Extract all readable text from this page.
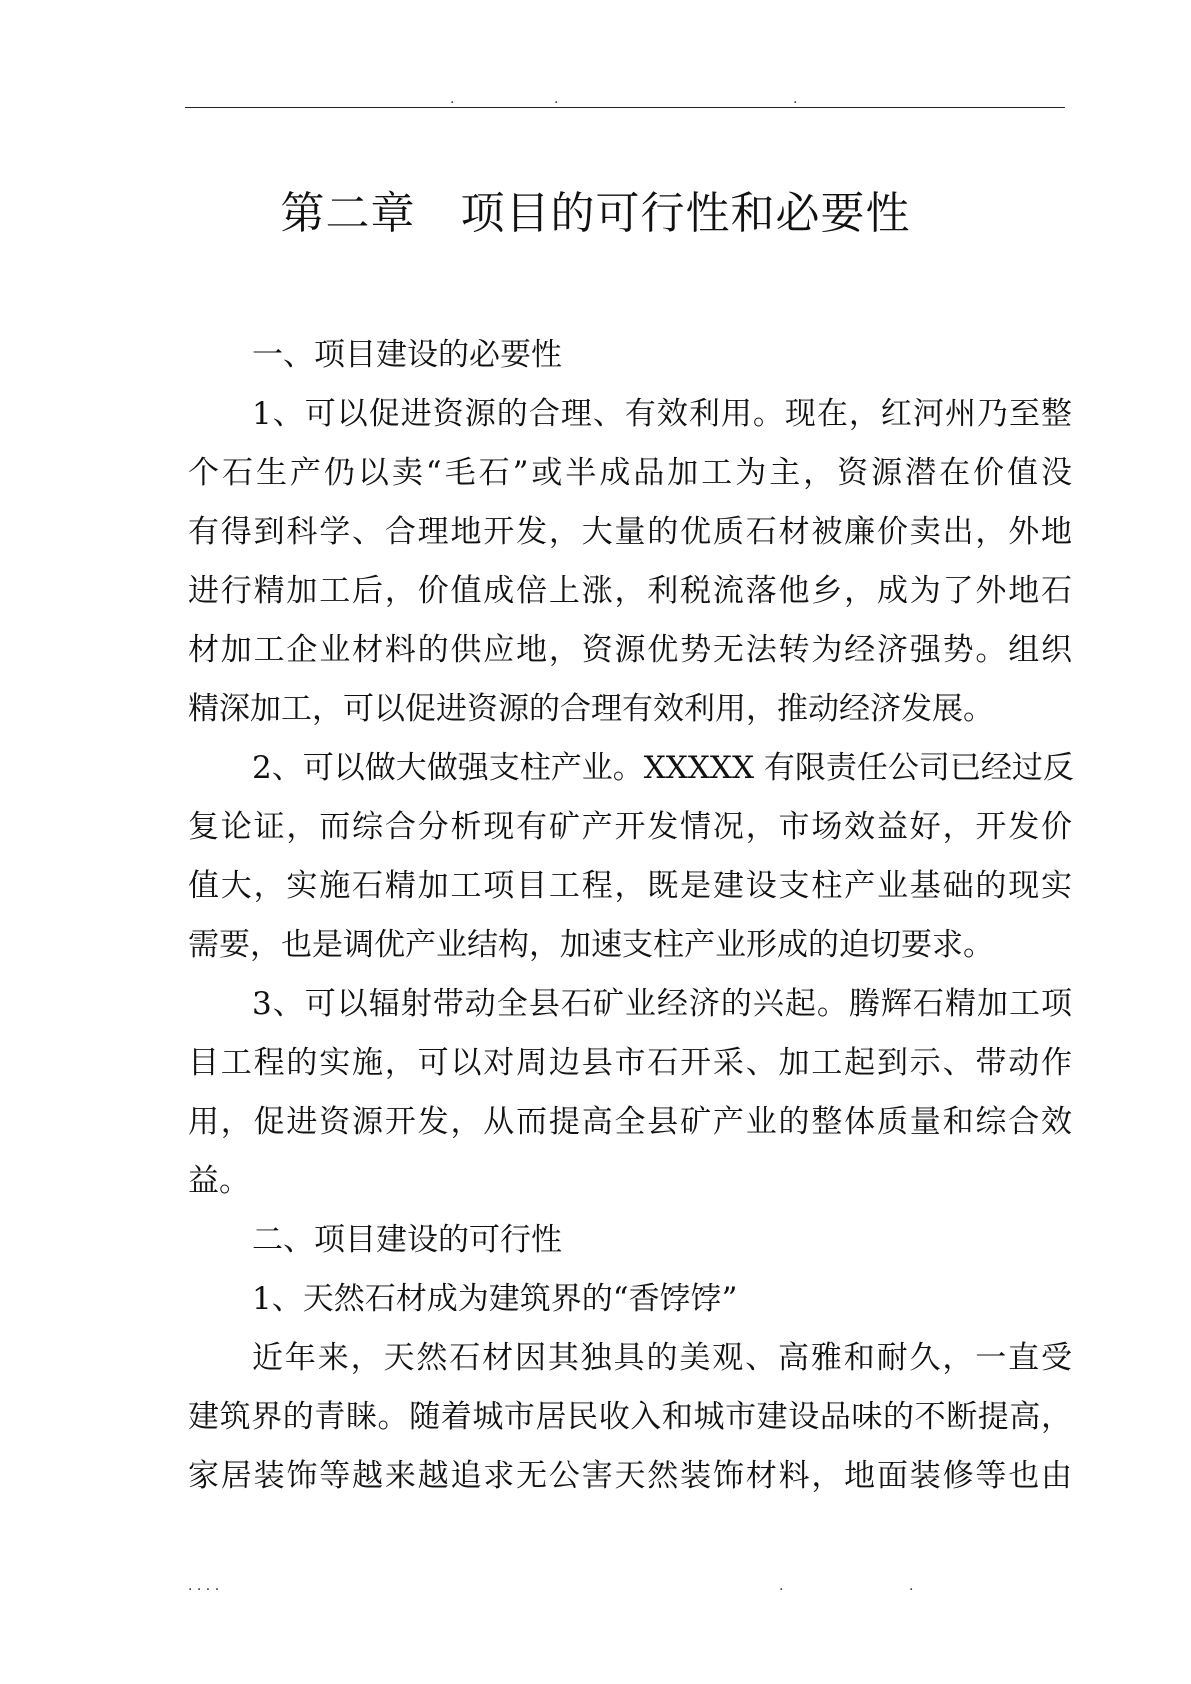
.	.	.
第二章　项目的可行性和必要性
一、项目建设的必要性
1、可以促进资源的合理、有效利用。现在，红河州乃至整
个石生产仍以卖“毛石”或半成品加工为主，资源潜在价值没
有得到科学、合理地开发，大量的优质石材被廉价卖出，外地
进行精加工后，价值成倍上涨，利税流落他乡，成为了外地石
材加工企业材料的供应地，资源优势无法转为经济强势。组织
精深加工，可以促进资源的合理有效利用，推动经济发展。
2、可以做大做强支柱产业。XXXXX 有限责任公司已经过反
复论证，而综合分析现有矿产开发情况，市场效益好，开发价
值大，实施石精加工项目工程，既是建设支柱产业基础的现实
需要，也是调优产业结构，加速支柱产业形成的迫切要求。
3、可以辐射带动全县石矿业经济的兴起。腾辉石精加工项
目工程的实施，可以对周边县市石开采、加工起到示、带动作
用，促进资源开发，从而提高全县矿产业的整体质量和综合效
益。
二、项目建设的可行性
1、天然石材成为建筑界的“香饽饽”
近年来，天然石材因其独具的美观、高雅和耐久，一直受
建筑界的青睐。随着城市居民收入和城市建设品味的不断提高，
家居装饰等越来越追求无公害天然装饰材料，地面装修等也由
. . . .	.	.
